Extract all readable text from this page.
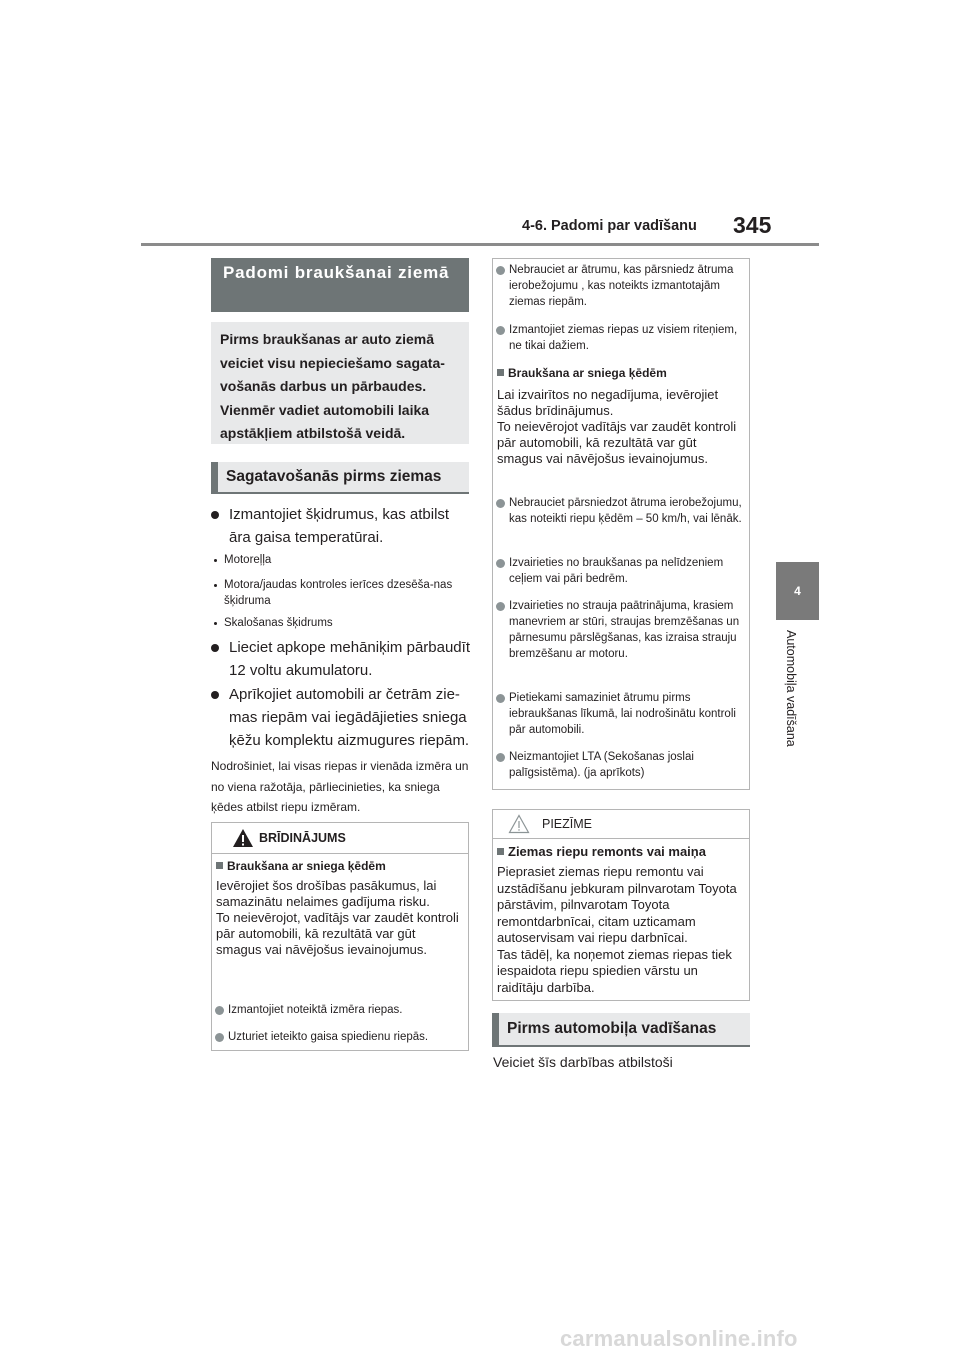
4-6. Padomi par vadīšanu 345
4
Automobiļa vadīšana
Padomi braukšanai ziemā
Pirms braukšanas ar auto ziemā veiciet visu nepieciešamo sagata-vošanās darbus un pārbaudes. Vienmēr vadiet automobili laika apstākļiem atbilstošā veidā.
Sagatavošanās pirms ziemas
Izmantojiet šķidrumus, kas atbilst āra gaisa temperatūrai.
Motoreļļa
Motora/jaudas kontroles ierīces dzesēša-nas šķidruma
Skalošanas šķidrums
Lieciet apkope mehāniķim pārbaudīt 12 voltu akumulatoru.
Aprīkojiet automobili ar četrām zie-mas riepām vai iegādājieties sniega ķēžu komplektu aizmugures riepām.
Nodrošiniet, lai visas riepas ir vienāda izmēra un no viena ražotāja, pārliecinieties, ka sniega ķēdes atbilst riepu izmēram.
BRĪDINĀJUMS
Braukšana ar sniega ķēdēm
Ievērojiet šos drošības pasākumus, lai samazinātu nelaimes gadījuma risku.
To neievērojot, vadītājs var zaudēt kontroli pār automobili, kā rezultātā var gūt smagus vai nāvējošus ievainojumus.
Izmantojiet noteiktā izmēra riepas.
Uzturiet ieteikto gaisa spiedienu riepās.
Nebrauciet ar ātrumu, kas pārsniedz ātruma ierobežojumu , kas noteikts izmantotajām ziemas riepām.
Izmantojiet ziemas riepas uz visiem riteņiem, ne tikai dažiem.
Braukšana ar sniega ķēdēm
Lai izvairītos no negadījuma, ievērojiet šādus brīdinājumus.
To neievērojot vadītājs var zaudēt kontroli pār automobili, kā rezultātā var gūt smagus vai nāvējošus ievainojumus.
Nebrauciet pārsniedzot ātruma ierobežojumu, kas noteikti riepu ķēdēm – 50 km/h, vai lēnāk.
Izvairieties no braukšanas pa nelīdzeniem ceļiem vai pāri bedrēm.
Izvairieties no strauja paātrinājuma, krasiem manevriem ar stūri, straujas bremzēšanas un pārnesumu pārslēgšanas, kas izraisa strauju bremzēšanu ar motoru.
Pietiekami samaziniet ātrumu pirms iebraukšanas līkumā, lai nodrošinātu kontroli pār automobili.
Neizmantojiet LTA (Sekošanas joslai palīgsistēma). (ja aprīkots)
PIEZĪME
Ziemas riepu remonts vai maiņa
Pieprasiet ziemas riepu remontu vai uzstādīšanu jebkuram pilnvarotam Toyota pārstāvim, pilnvarotam Toyota remontdarbnīcai, citam uzticamam autoservisam vai riepu darbnīcai.
Tas tādēļ, ka noņemot ziemas riepas tiek iespaidota riepu spiedien vārstu un raidītāju darbība.
Pirms automobiļa vadīšanas
Veiciet šīs darbības atbilstoši
carmanualsonline.info
